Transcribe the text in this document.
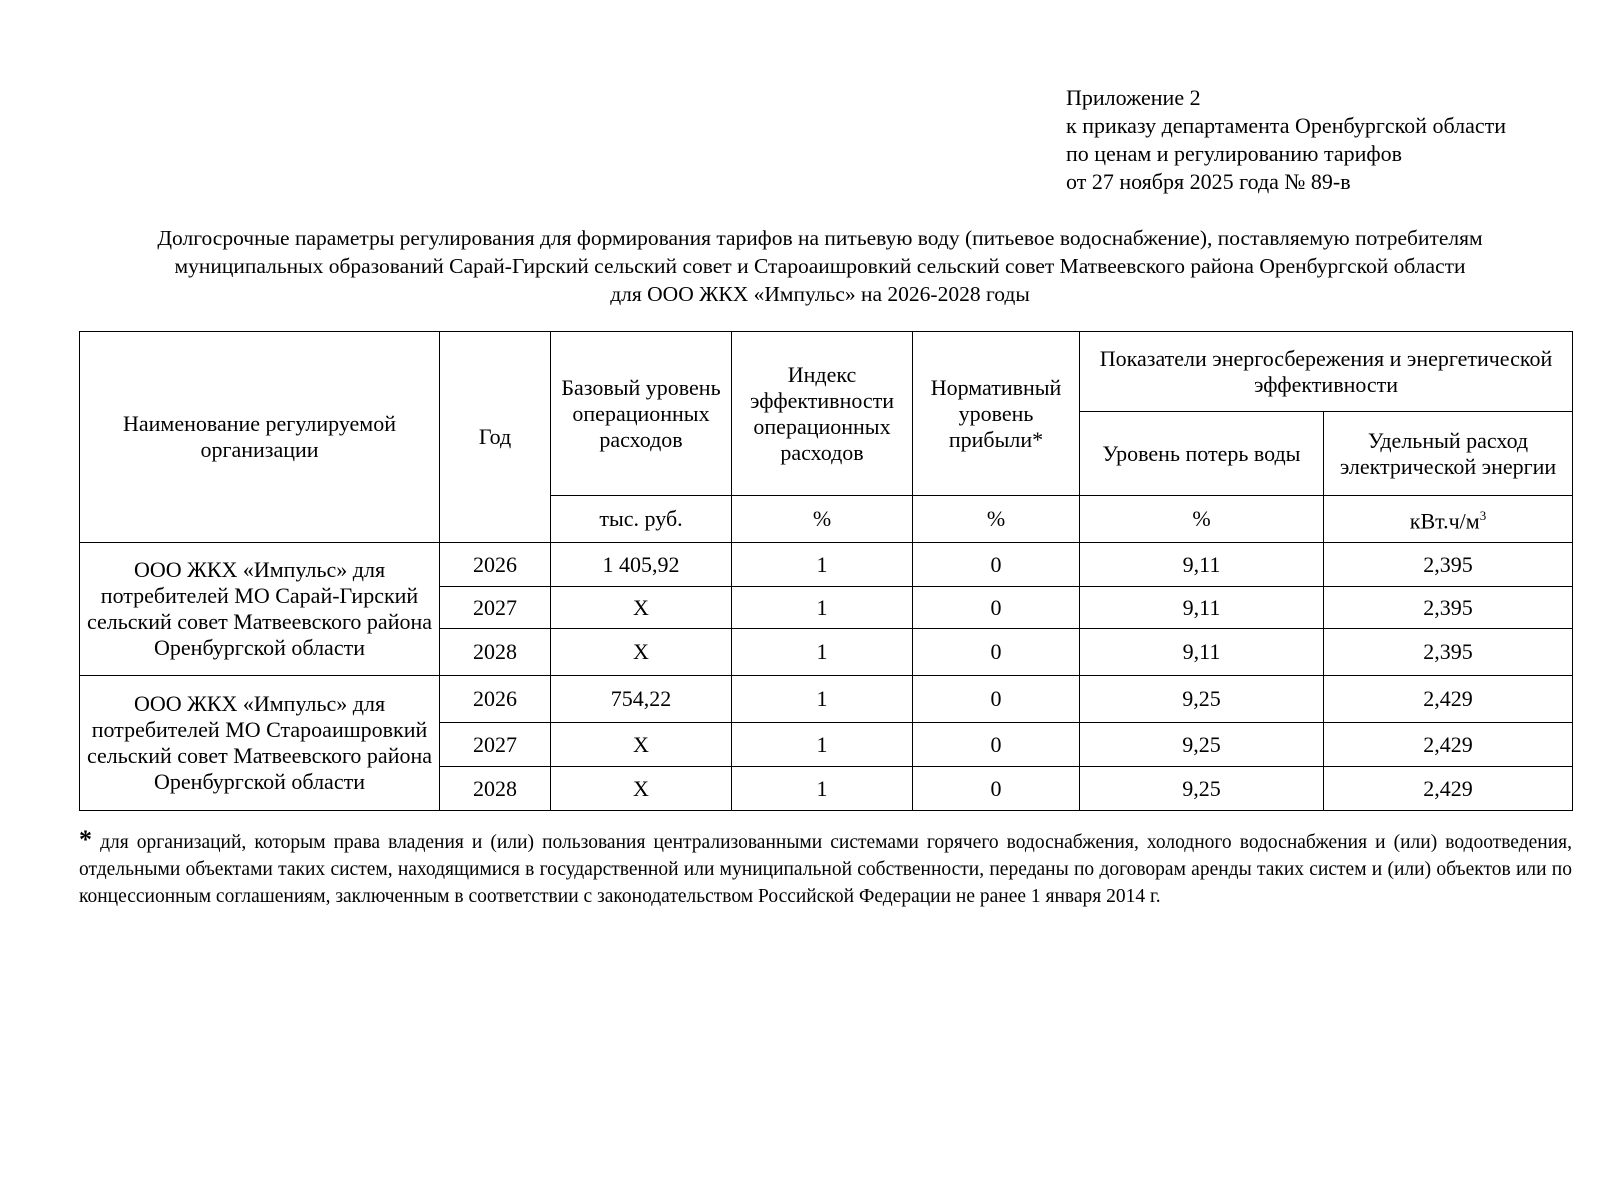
Приложение 2
к приказу департамента Оренбургской области
по ценам и регулированию тарифов
от 27 ноября 2025 года № 89-в
Долгосрочные параметры регулирования для формирования тарифов на питьевую воду (питьевое водоснабжение), поставляемую потребителям
муниципальных образований Сарай-Гирский сельский совет и Староаишровкий сельский совет Матвеевского района Оренбургской области
для ООО ЖКХ «Импульс» на 2026-2028 годы
Наименование регулируемой организации	Год	Базовый уровень операционных расходов	Индекс эффективности операционных расходов	Нормативный уровень прибыли*	Показатели энергосбережения и энергетической эффективности	
					Уровень потерь воды	Удельный расход электрической энергии
		тыс. руб.	%	%	%	$кВт.ч/м^3$
ООО ЖКХ «Импульс» для потребителей МО Сарай-Гирский сельский совет Матвеевского района Оренбургской области	2026	1 405,92	1	0	9,11	2,395
	2027	Х	1	0	9,11	2,395
	2028	Х	1	0	9,11	2,395
ООО ЖКХ «Импульс» для потребителей МО Староаишровкий сельский совет Матвеевского района Оренбургской области	2026	754,22	1	0	9,25	2,429
	2027	Х	1	0	9,25	2,429
	2028	Х	1	0	9,25	2,429
* для организаций, которым права владения и (или) пользования централизованными системами горячего водоснабжения, холодного водоснабжения и (или) водоотведения, отдельными объектами таких систем, находящимися в государственной или муниципальной собственности, переданы по договорам аренды таких систем и (или) объектов или по концессионным соглашениям, заключенным в соответствии с законодательством Российской Федерации не ранее 1 января 2014 г.
